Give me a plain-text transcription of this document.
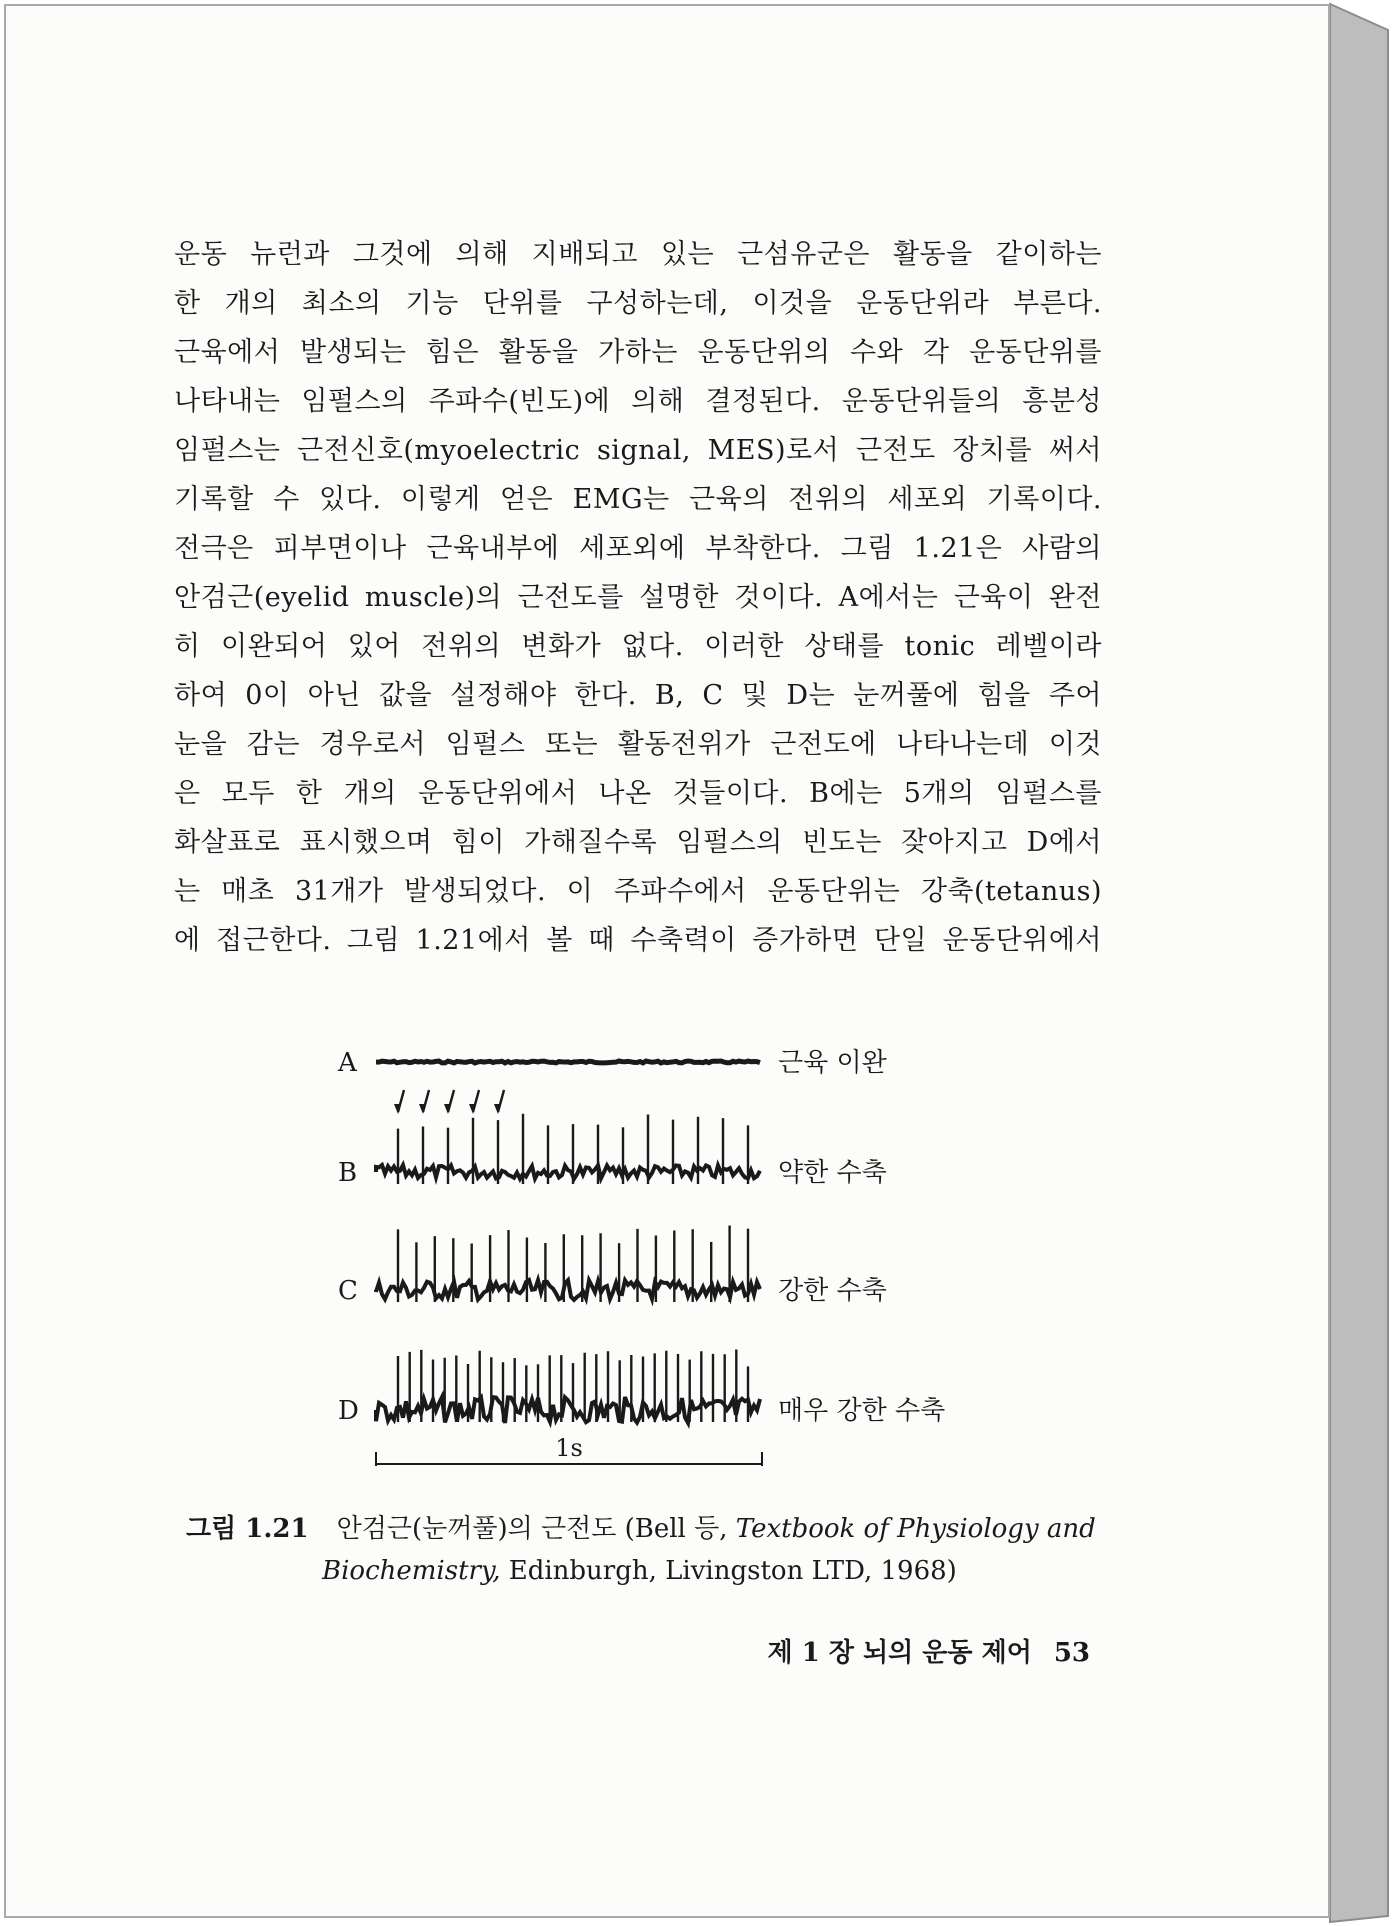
운동 뉴런과 그것에 의해 지배되고 있는 근섬유군은 활동을 같이하는
한 개의 최소의 기능 단위를 구성하는데, 이것을 운동단위라 부른다.
근육에서 발생되는 힘은 활동을 가하는 운동단위의 수와 각 운동단위를
나타내는 임펄스의 주파수(빈도)에 의해 결정된다. 운동단위들의 흥분성
임펄스는 근전신호(myoelectric signal, MES)로서 근전도 장치를 써서
기록할 수 있다. 이렇게 얻은 EMG는 근육의 전위의 세포외 기록이다.
전극은 피부면이나 근육내부에 세포외에 부착한다. 그림 1.21은 사람의
안검근(eyelid muscle)의 근전도를 설명한 것이다. A에서는 근육이 완전
히 이완되어 있어 전위의 변화가 없다. 이러한 상태를 tonic 레벨이라
하여 0이 아닌 값을 설정해야 한다. B, C 및 D는 눈꺼풀에 힘을 주어
눈을 감는 경우로서 임펄스 또는 활동전위가 근전도에 나타나는데 이것
은 모두 한 개의 운동단위에서 나온 것들이다. B에는 5개의 임펄스를
화살표로 표시했으며 힘이 가해질수록 임펄스의 빈도는 잦아지고 D에서
는 매초 31개가 발생되었다. 이 주파수에서 운동단위는 강축(tetanus)
에 접근한다. 그림 1.21에서 볼 때 수축력이 증가하면 단일 운동단위에서
A	근육 이완
B	약한 수축
C	강한 수축
D	매우 강한 수축
1s
그림 1.21 안검근(눈꺼풀)의 근전도 (Bell 등, Textbook of Physiology and
Biochemistry, Edinburgh, Livingston LTD, 1968)
제 1 장 뇌의 운동 제어 53
